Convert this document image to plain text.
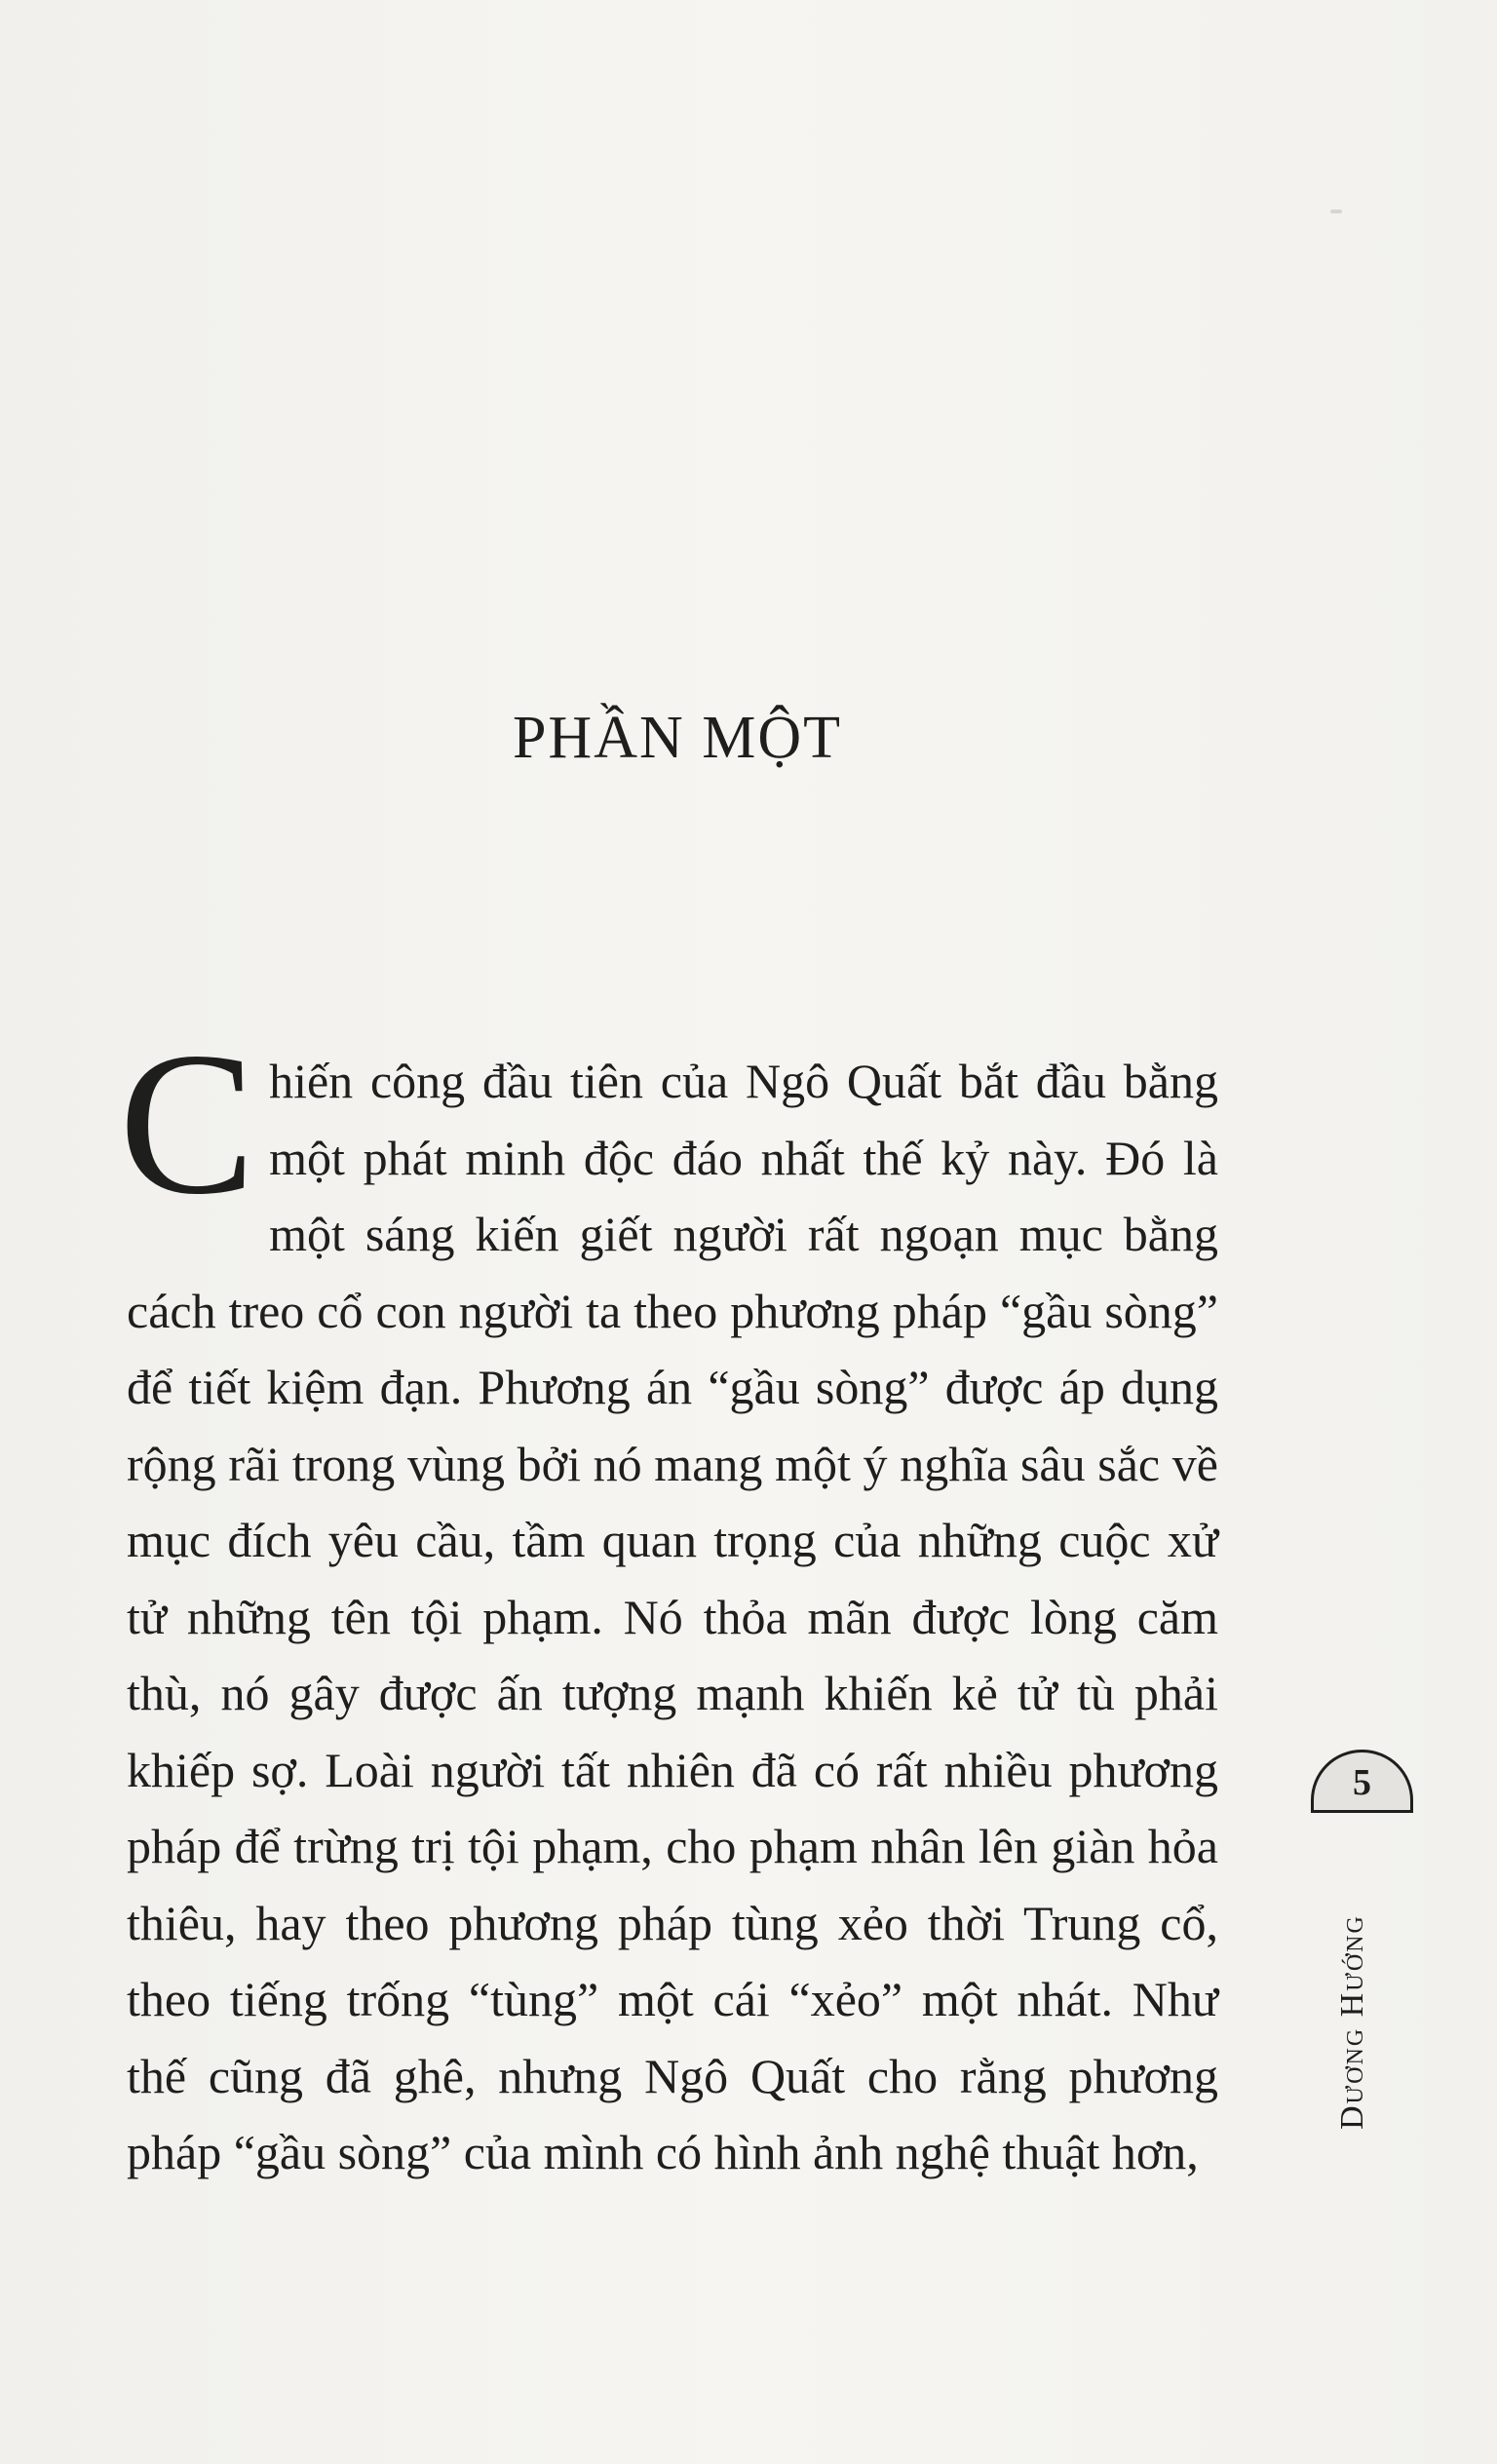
PHẦN MỘT

Chiến công đầu tiên của Ngô Quất bắt đầu bằng một phát minh độc đáo nhất thế kỷ này. Đó là một sáng kiến giết người rất ngoạn mục bằng cách treo cổ con người ta theo phương pháp “gầu sòng” để tiết kiệm đạn. Phương án “gầu sòng” được áp dụng rộng rãi trong vùng bởi nó mang một ý nghĩa sâu sắc về mục đích yêu cầu, tầm quan trọng của những cuộc xử tử những tên tội phạm. Nó thỏa mãn được lòng căm thù, nó gây được ấn tượng mạnh khiến kẻ tử tù phải khiếp sợ. Loài người tất nhiên đã có rất nhiều phương pháp để trừng trị tội phạm, cho phạm nhân lên giàn hỏa thiêu, hay theo phương pháp tùng xẻo thời Trung cổ, theo tiếng trống “tùng” một cái “xẻo” một nhát. Như thế cũng đã ghê, nhưng Ngô Quất cho rằng phương pháp “gầu sòng” của mình có hình ảnh nghệ thuật hơn,

5
Dương Hướng
